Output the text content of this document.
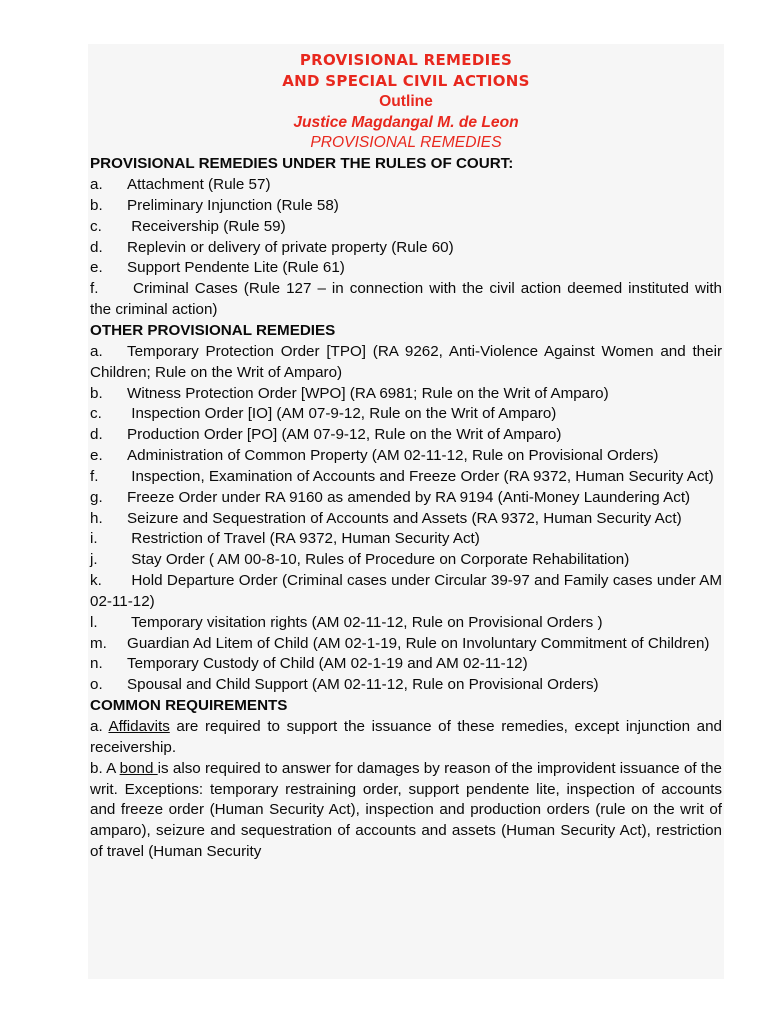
PROVISIONAL REMEDIES
AND SPECIAL CIVIL ACTIONS
Outline
Justice Magdangal M. de Leon
PROVISIONAL REMEDIES
PROVISIONAL REMEDIES UNDER THE RULES OF COURT:
a. Attachment (Rule 57)
b. Preliminary Injunction (Rule 58)
c. Receivership (Rule 59)
d. Replevin or delivery of private property (Rule 60)
e. Support Pendente Lite (Rule 61)
f. Criminal Cases (Rule 127 – in connection with the civil action deemed instituted with the criminal action)
OTHER PROVISIONAL REMEDIES
a. Temporary Protection Order [TPO] (RA 9262, Anti-Violence Against Women and their Children; Rule on the Writ of Amparo)
b. Witness Protection Order [WPO] (RA 6981; Rule on the Writ of Amparo)
c. Inspection Order [IO] (AM 07-9-12, Rule on the Writ of Amparo)
d. Production Order [PO] (AM 07-9-12, Rule on the Writ of Amparo)
e. Administration of Common Property (AM 02-11-12, Rule on Provisional Orders)
f. Inspection, Examination of Accounts and Freeze Order (RA 9372, Human Security Act)
g. Freeze Order under RA 9160 as amended by RA 9194 (Anti-Money Laundering Act)
h. Seizure and Sequestration of Accounts and Assets (RA 9372, Human Security Act)
i. Restriction of Travel (RA 9372, Human Security Act)
j. Stay Order ( AM 00-8-10, Rules of Procedure on Corporate Rehabilitation)
k. Hold Departure Order (Criminal cases under Circular 39-97 and Family cases under AM 02-11-12)
l. Temporary visitation rights (AM 02-11-12, Rule on Provisional Orders )
m. Guardian Ad Litem of Child (AM 02-1-19, Rule on Involuntary Commitment of Children)
n. Temporary Custody of Child (AM 02-1-19 and AM 02-11-12)
o. Spousal and Child Support (AM 02-11-12, Rule on Provisional Orders)
COMMON REQUIREMENTS
a. Affidavits are required to support the issuance of these remedies, except injunction and receivership.
b. A bond is also required to answer for damages by reason of the improvident issuance of the writ. Exceptions: temporary restraining order, support pendente lite, inspection of accounts and freeze order (Human Security Act), inspection and production orders (rule on the writ of amparo), seizure and sequestration of accounts and assets (Human Security Act), restriction of travel (Human Security
